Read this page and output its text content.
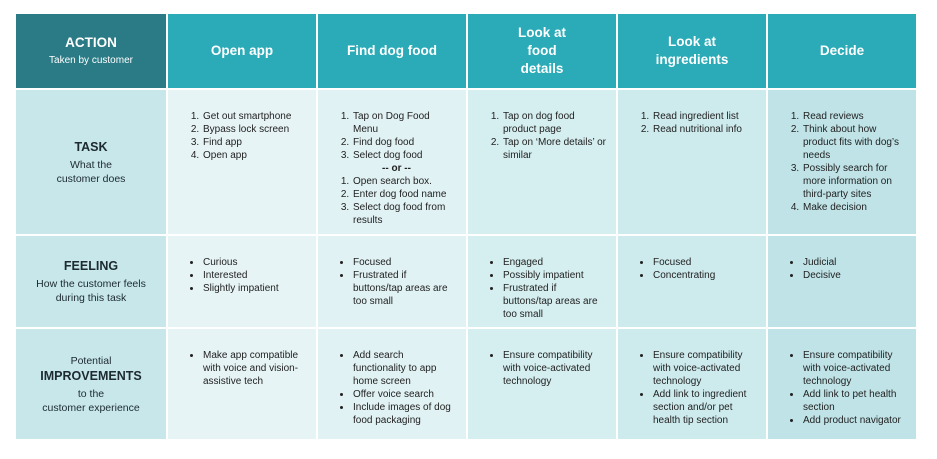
ACTION
Taken by customer
Open app	Find dog food
Look at food details
Look at ingredients
Decide
TASK
What the customer does
1. Get out smartphone
2. Bypass lock screen
3. Find app
4. Open app
1. Tap on Dog Food Menu
2. Find dog food
3. Select dog food
-- or --
1. Open search box.
2. Enter dog food name
3. Select dog food from results
1. Tap on dog food product page
2. Tap on ‘More details’ or similar
1. Read ingredient list
2. Read nutritional info
1. Read reviews
2. Think about how product fits with dog’s needs
3. Possibly search for more information on third-party sites
4. Make decision
FEELING
How the customer feels during this task
• Curious
• Interested
• Slightly impatient
• Focused
• Frustrated if buttons/tap areas are too small
• Engaged
• Possibly impatient
• Frustrated if buttons/tap areas are too small
• Focused
• Concentrating
• Judicial
• Decisive
Potential
IMPROVEMENTS
to the
customer experience
• Make app compatible with voice and vision-assistive tech
• Add search functionality to app home screen
• Offer voice search
• Include images of dog food packaging
• Ensure compatibility with voice-activated technology
• Ensure compatibility with voice-activated technology
• Add link to ingredient section and/or pet health tip section
• Ensure compatibility with voice-activated technology
• Add link to pet health section
• Add product navigator
